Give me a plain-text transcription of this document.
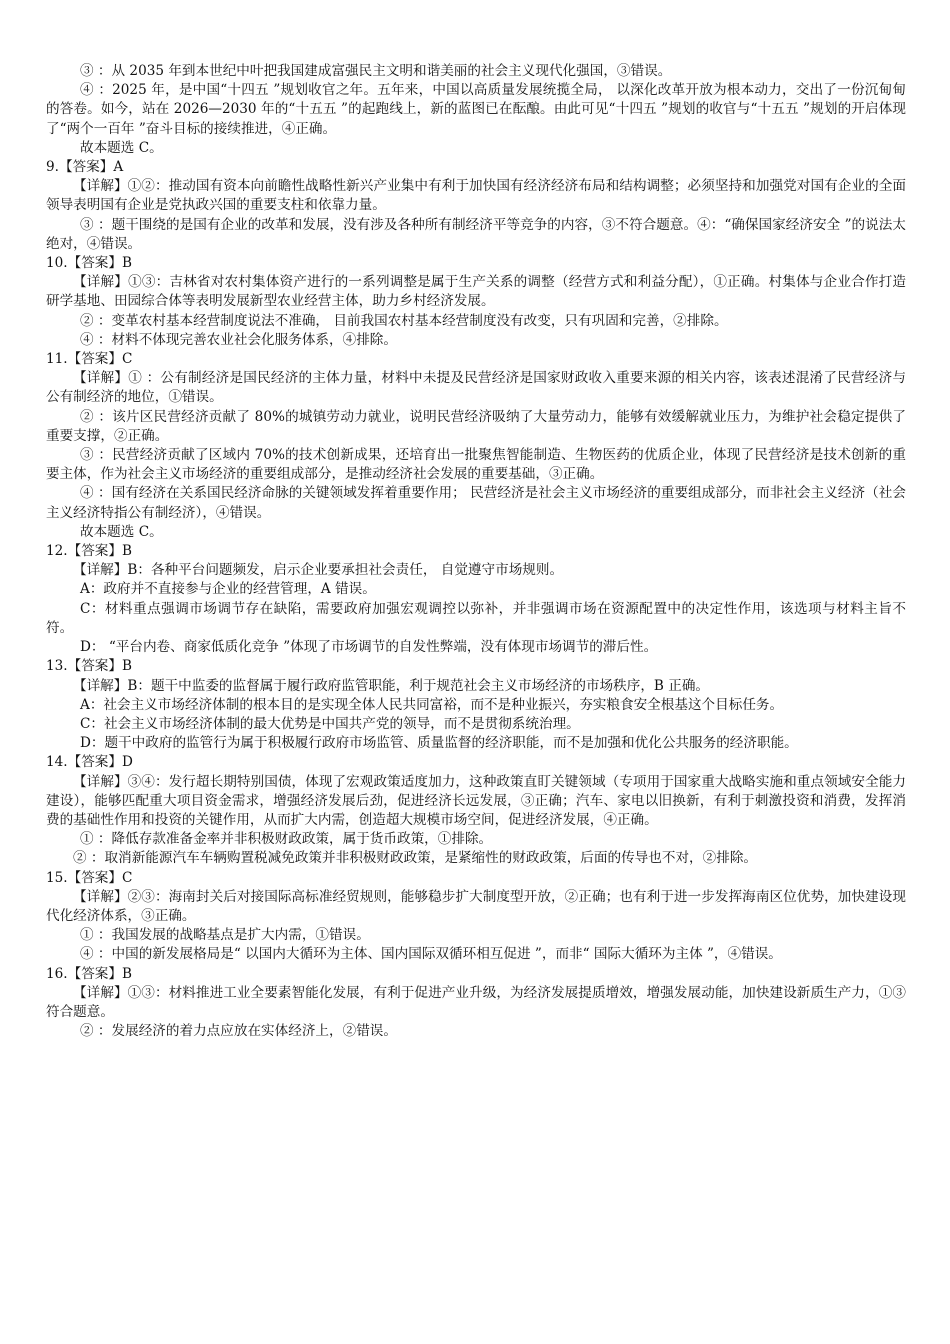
③ ：从 2035 年到本世纪中叶把我国建成富强民主文明和谐美丽的社会主义现代化强国，③错误。

④ ：2025 年，是中国“十四五 ”规划收官之年。五年来，中国以高质量发展统揽全局， 以深化改革开放为根本动力，交出了一份沉甸甸的答卷。如今，站在 2026—2030 年的“十五五 ”的起跑线上，新的蓝图已在酝酿。由此可见“十四五 ”规划的收官与“十五五 ”规划的开启体现了“两个一百年 ”奋斗目标的接续推进，④正确。

故本题选 C。

9.【答案】A

【详解】①②：推动国有资本向前瞻性战略性新兴产业集中有利于加快国有经济经济布局和结构调整；必须坚持和加强党对国有企业的全面领导表明国有企业是党执政兴国的重要支柱和依靠力量。

③ ：题干围绕的是国有企业的改革和发展，没有涉及各种所有制经济平等竞争的内容，③不符合题意。④：“确保国家经济安全 ”的说法太绝对，④错误。

10.【答案】B

【详解】①③：吉林省对农村集体资产进行的一系列调整是属于生产关系的调整（经营方式和利益分配），①正确。村集体与企业合作打造研学基地、田园综合体等表明发展新型农业经营主体，助力乡村经济发展。

② ：变革农村基本经营制度说法不准确， 目前我国农村基本经营制度没有改变，只有巩固和完善，②排除。

④ ：材料不体现完善农业社会化服务体系，④排除。

11.【答案】C

【详解】① ：公有制经济是国民经济的主体力量，材料中未提及民营经济是国家财政收入重要来源的相关内容，该表述混淆了民营经济与公有制经济的地位，①错误。

② ：该片区民营经济贡献了 80%的城镇劳动力就业，说明民营经济吸纳了大量劳动力，能够有效缓解就业压力，为维护社会稳定提供了重要支撑，②正确。

③ ：民营经济贡献了区域内 70%的技术创新成果，还培育出一批聚焦智能制造、生物医药的优质企业，体现了民营经济是技术创新的重要主体，作为社会主义市场经济的重要组成部分，是推动经济社会发展的重要基础，③正确。

④ ：国有经济在关系国民经济命脉的关键领域发挥着重要作用； 民营经济是社会主义市场经济的重要组成部分，而非社会主义经济（社会主义经济特指公有制经济），④错误。

故本题选 C。

12.【答案】B

【详解】B：各种平台问题频发，启示企业要承担社会责任， 自觉遵守市场规则。

A：政府并不直接参与企业的经营管理，A 错误。

C：材料重点强调市场调节存在缺陷，需要政府加强宏观调控以弥补，并非强调市场在资源配置中的决定性作用，该选项与材料主旨不符。

D： “平台内卷、商家低质化竞争 ”体现了市场调节的自发性弊端，没有体现市场调节的滞后性。

13.【答案】B

【详解】B：题干中监委的监督属于履行政府监管职能，利于规范社会主义市场经济的市场秩序，B 正确。

A：社会主义市场经济体制的根本目的是实现全体人民共同富裕，而不是种业振兴，夯实粮食安全根基这个目标任务。

C：社会主义市场经济体制的最大优势是中国共产党的领导，而不是贯彻系统治理。

D：题干中政府的监管行为属于积极履行政府市场监管、质量监督的经济职能，而不是加强和优化公共服务的经济职能。

14.【答案】D

【详解】③④：发行超长期特别国债，体现了宏观政策适度加力，这种政策直盯关键领域（专项用于国家重大战略实施和重点领域安全能力建设），能够匹配重大项目资金需求，增强经济发展后劲，促进经济长远发展，③正确；汽车、家电以旧换新，有利于刺激投资和消费，发挥消费的基础性作用和投资的关键作用，从而扩大内需，创造超大规模市场空间，促进经济发展，④正确。

① ：降低存款准备金率并非积极财政政策，属于货币政策，①排除。

② ：取消新能源汽车车辆购置税减免政策并非积极财政政策，是紧缩性的财政政策，后面的传导也不对，②排除。

15.【答案】C

【详解】②③：海南封关后对接国际高标准经贸规则，能够稳步扩大制度型开放，②正确；也有利于进一步发挥海南区位优势，加快建设现代化经济体系，③正确。

① ：我国发展的战略基点是扩大内需，①错误。

④ ：中国的新发展格局是“ 以国内大循环为主体、国内国际双循环相互促进 ”，而非“ 国际大循环为主体 ”，④错误。

16.【答案】B

【详解】①③：材料推进工业全要素智能化发展，有利于促进产业升级，为经济发展提质增效，增强发展动能，加快建设新质生产力，①③符合题意。

② ：发展经济的着力点应放在实体经济上，②错误。
